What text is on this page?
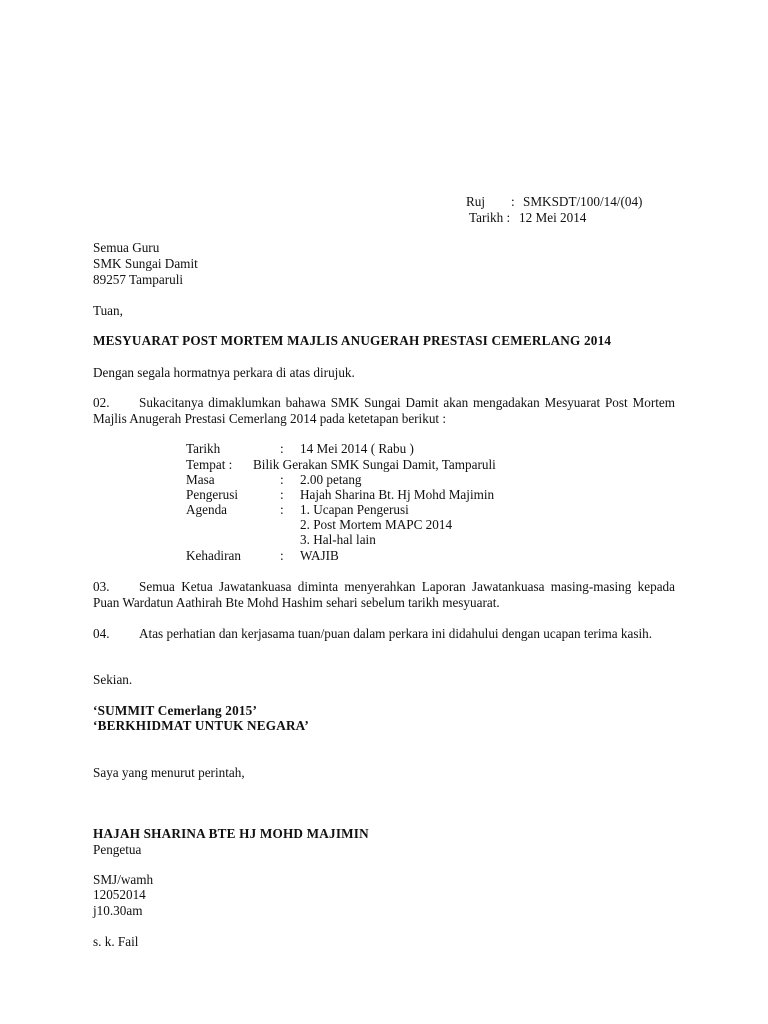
Ruj : SMKSDT/100/14/(04)
Tarikh : 12 Mei 2014
Semua Guru
SMK Sungai Damit
89257 Tamparuli
Tuan,
MESYUARAT POST MORTEM MAJLIS ANUGERAH PRESTASI CEMERLANG 2014
Dengan segala hormatnya perkara di atas dirujuk.
02. Sukacitanya dimaklumkan bahawa SMK Sungai Damit akan mengadakan Mesyuarat Post Mortem Majlis Anugerah Prestasi Cemerlang 2014 pada ketetapan berikut :
Tarikh	: 14 Mei 2014 ( Rabu )
Tempat : Bilik Gerakan SMK Sungai Damit, Tamparuli
Masa	: 2.00 petang
Pengerusi	: Hajah Sharina Bt. Hj Mohd Majimin
Agenda	: 1. Ucapan Pengerusi
2. Post Mortem MAPC 2014
3. Hal-hal lain
Kehadiran	: WAJIB
03. Semua Ketua Jawatankuasa diminta menyerahkan Laporan Jawatankuasa masing-masing kepada Puan Wardatun Aathirah Bte Mohd Hashim sehari sebelum tarikh mesyuarat.
04. Atas perhatian dan kerjasama tuan/puan dalam perkara ini didahului dengan ucapan terima kasih.
Sekian.
‘SUMMIT Cemerlang 2015’
‘BERKHIDMAT UNTUK NEGARA’
Saya yang menurut perintah,
HAJAH SHARINA BTE HJ MOHD MAJIMIN
Pengetua
SMJ/wamh
12052014
j10.30am
s. k. Fail
